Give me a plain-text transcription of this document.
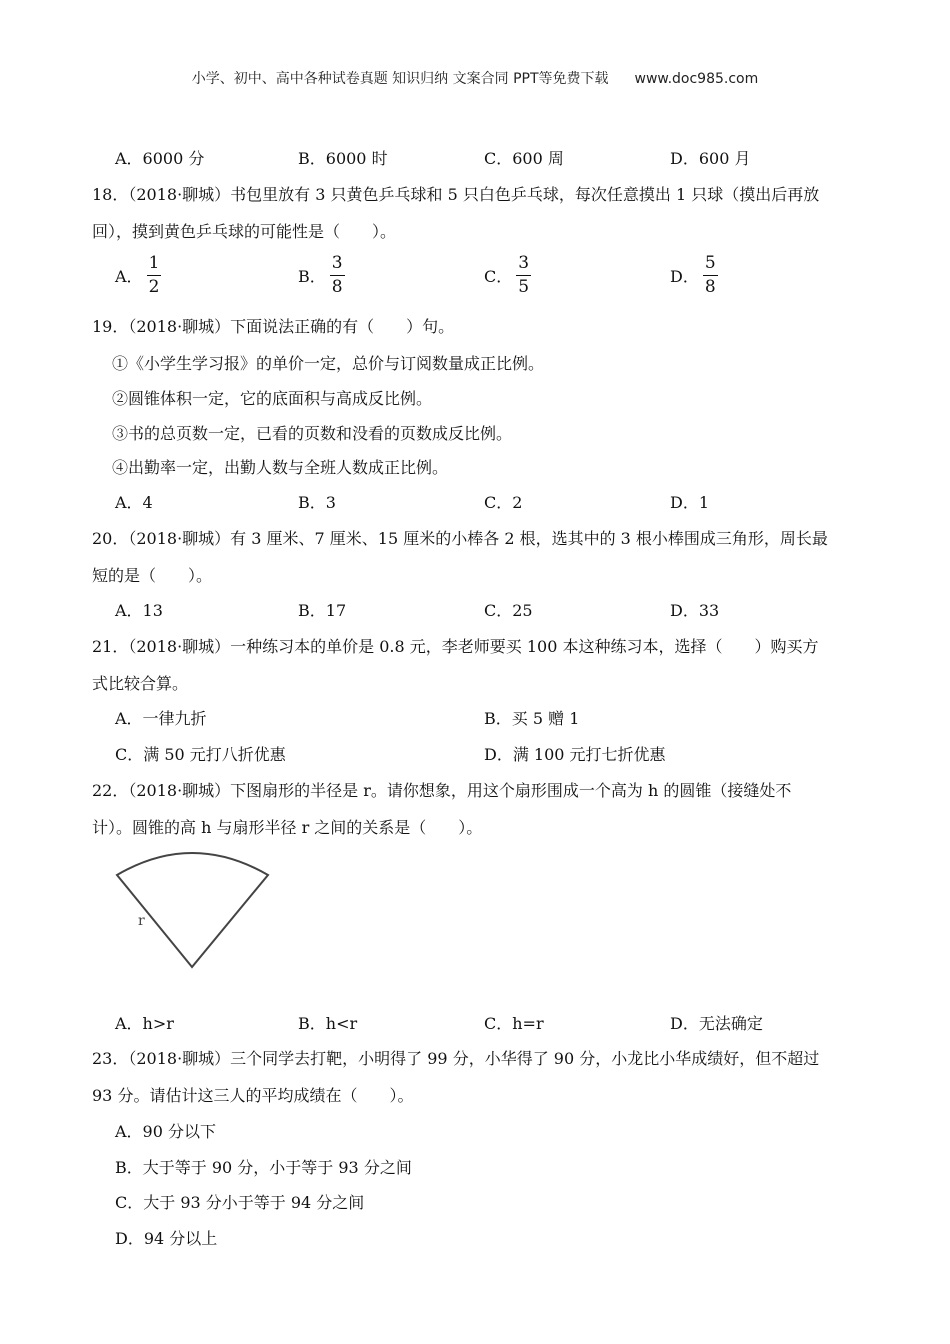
小学、初中、高中各种试卷真题 知识归纳 文案合同 PPT等免费下载 www.doc985.com
A．6000 分	B．6000 时	C．600 周	D．600 月
18．（2018·聊城）书包里放有 3 只黄色乒乓球和 5 只白色乒乓球，每次任意摸出 1 只球（摸出后再放
回），摸到黄色乒乓球的可能性是（　　）。
A． $\frac{1}{2}$	B． $\frac{3}{8}$	C． $\frac{3}{5}$	D． $\frac{5}{8}$
19．（2018·聊城）下面说法正确的有（　　）句。
①《小学生学习报》的单价一定，总价与订阅数量成正比例。
②圆锥体积一定，它的底面积与高成反比例。
③书的总页数一定，已看的页数和没看的页数成反比例。
④出勤率一定，出勤人数与全班人数成正比例。
A．4	B．3	C．2	D．1
20．（2018·聊城）有 3 厘米、7 厘米、15 厘米的小棒各 2 根，选其中的 3 根小棒围成三角形，周长最
短的是（　　）。
A．13	B．17	C．25	D．33
21．（2018·聊城）一种练习本的单价是 0.8 元，李老师要买 100 本这种练习本，选择（　　）购买方
式比较合算。
A．一律九折	B．买 5 赠 1
C．满 50 元打八折优惠	D．满 100 元打七折优惠
22．（2018·聊城）下图扇形的半径是 r。请你想象，用这个扇形围成一个高为 h 的圆锥（接缝处不
计）。圆锥的高 h 与扇形半径 r 之间的关系是（　　）。
r
A．h>r	B．h<r	C．h=r	D．无法确定
23．（2018·聊城）三个同学去打靶，小明得了 99 分，小华得了 90 分，小龙比小华成绩好，但不超过
93 分。请估计这三人的平均成绩在（　　）。
A．90 分以下
B．大于等于 90 分，小于等于 93 分之间
C．大于 93 分小于等于 94 分之间
D．94 分以上
